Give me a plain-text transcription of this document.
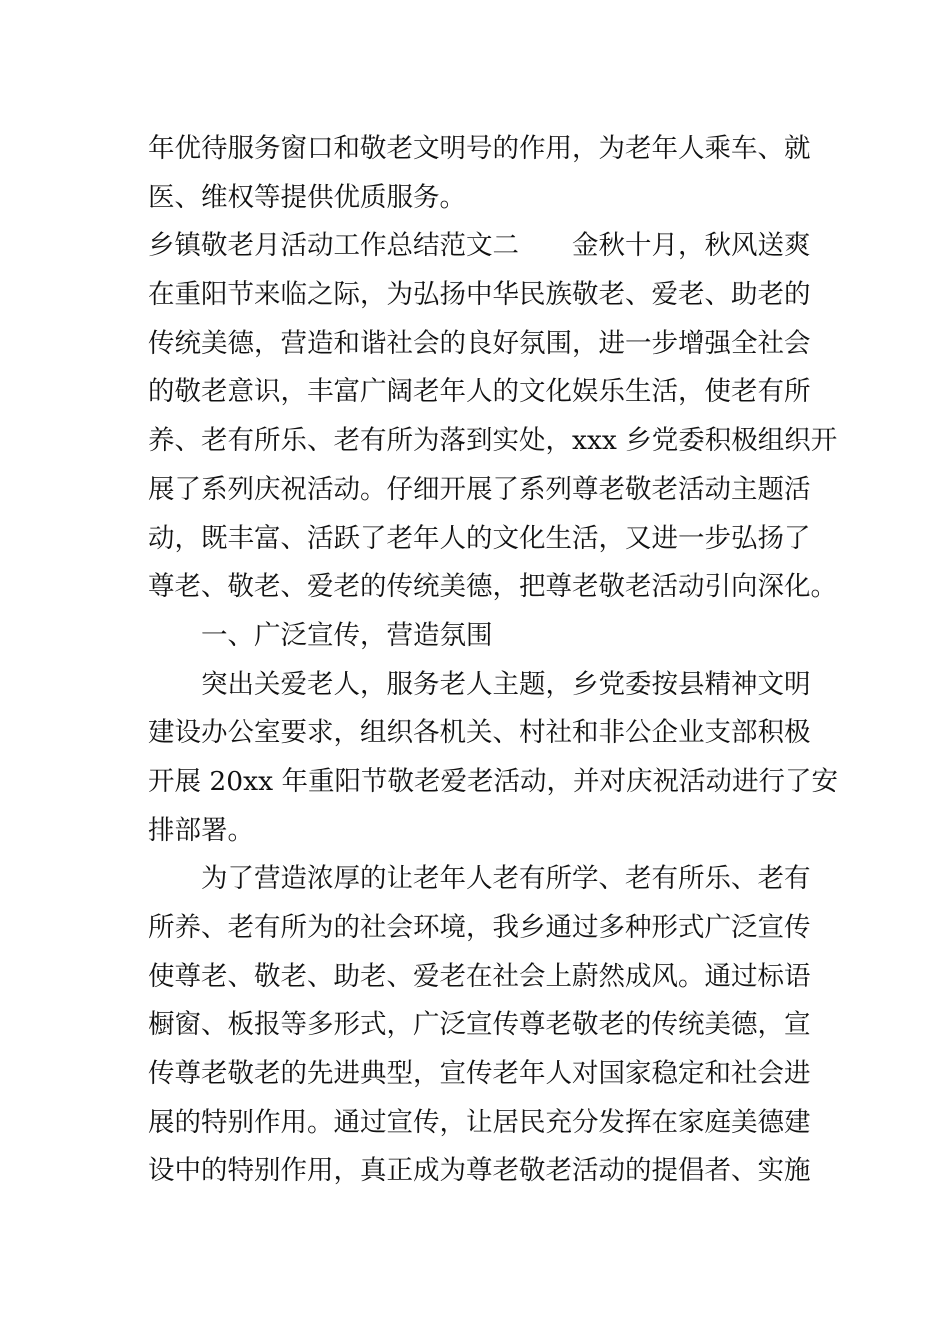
年优待服务窗口和敬老文明号的作用，为老年人乘车、就
医、维权等提供优质服务。
乡镇敬老月活动工作总结范文二　　金秋十月，秋风送爽
在重阳节来临之际，为弘扬中华民族敬老、爱老、助老的
传统美德，营造和谐社会的良好氛围，进一步增强全社会
的敬老意识，丰富广阔老年人的文化娱乐生活，使老有所
养、老有所乐、老有所为落到实处，xxx 乡党委积极组织开
展了系列庆祝活动。仔细开展了系列尊老敬老活动主题活
动，既丰富、活跃了老年人的文化生活，又进一步弘扬了
尊老、敬老、爱老的传统美德，把尊老敬老活动引向深化。
一、广泛宣传，营造氛围
突出关爱老人，服务老人主题，乡党委按县精神文明
建设办公室要求，组织各机关、村社和非公企业支部积极
开展 20xx 年重阳节敬老爱老活动，并对庆祝活动进行了安
排部署。
为了营造浓厚的让老年人老有所学、老有所乐、老有
所养、老有所为的社会环境，我乡通过多种形式广泛宣传
使尊老、敬老、助老、爱老在社会上蔚然成风。通过标语
橱窗、板报等多形式，广泛宣传尊老敬老的传统美德，宣
传尊老敬老的先进典型，宣传老年人对国家稳定和社会进
展的特别作用。通过宣传，让居民充分发挥在家庭美德建
设中的特别作用，真正成为尊老敬老活动的提倡者、实施
